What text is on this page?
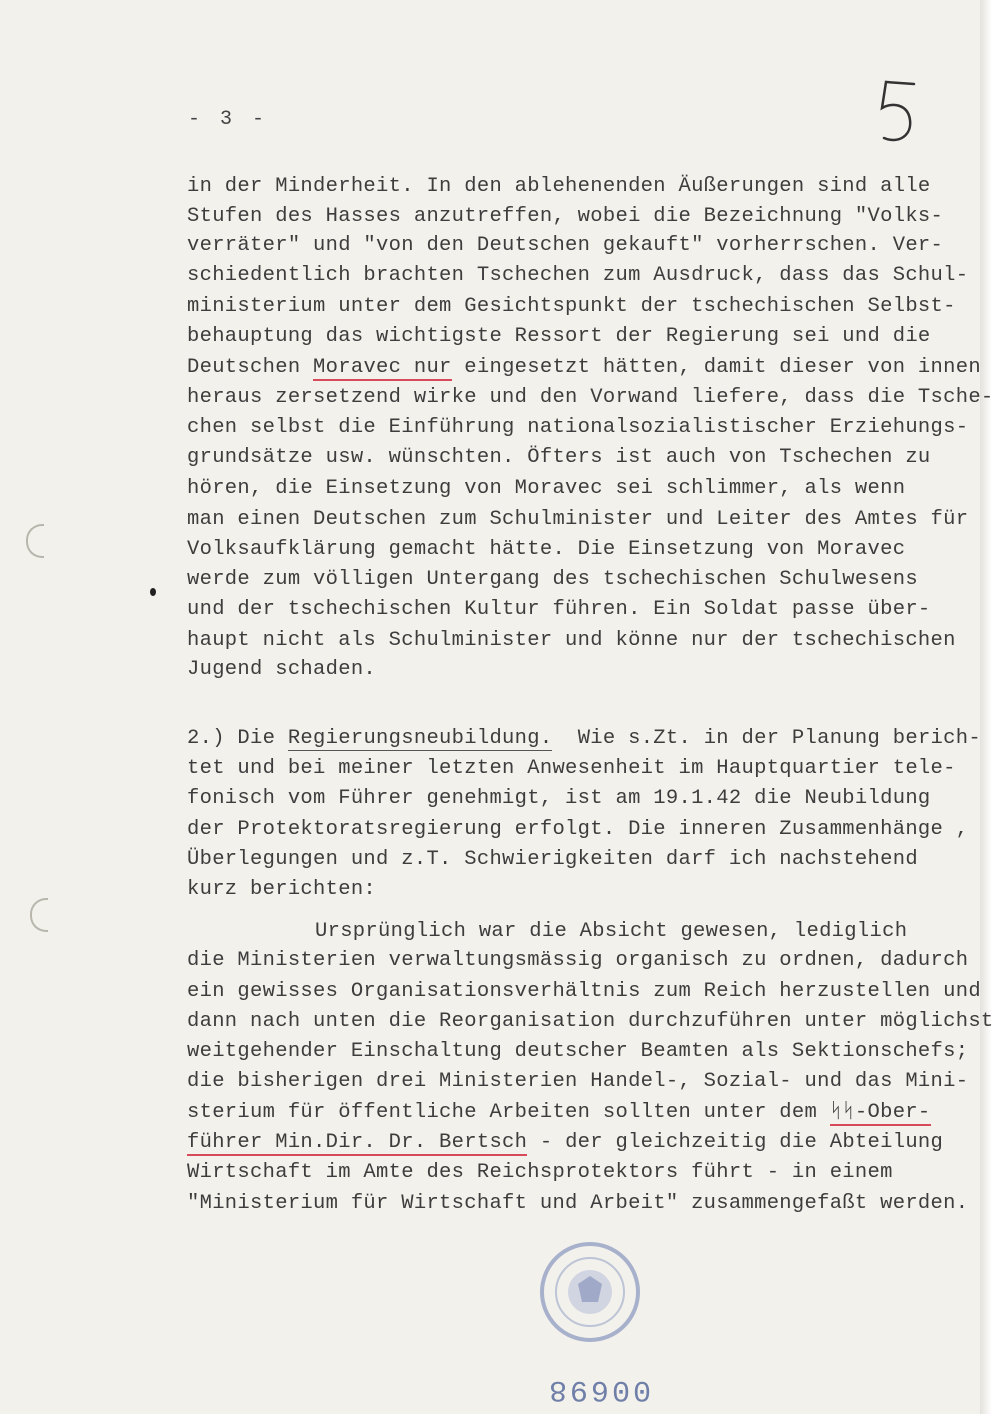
- 3 -
in der Minderheit. In den ablehenenden Äußerungen sind alle
Stufen des Hasses anzutreffen, wobei die Bezeichnung "Volks-
verräter" und "von den Deutschen gekauft" vorherrschen. Ver-
schiedentlich brachten Tschechen zum Ausdruck, dass das Schul-
ministerium unter dem Gesichtspunkt der tschechischen Selbst-
behauptung das wichtigste Ressort der Regierung sei und die
Deutschen Moravec nur eingesetzt hätten, damit dieser von innen
heraus zersetzend wirke und den Vorwand liefere, dass die Tsche-
chen selbst die Einführung nationalsozialistischer Erziehungs-
grundsätze usw. wünschten. Öfters ist auch von Tschechen zu
hören, die Einsetzung von Moravec sei schlimmer, als wenn
man einen Deutschen zum Schulminister und Leiter des Amtes für
Volksaufklärung gemacht hätte. Die Einsetzung von Moravec
werde zum völligen Untergang des tschechischen Schulwesens
und der tschechischen Kultur führen. Ein Soldat passe über-
haupt nicht als Schulminister und könne nur der tschechischen
Jugend schaden.
2.) Die Regierungsneubildung.  Wie s.Zt. in der Planung berich-
tet und bei meiner letzten Anwesenheit im Hauptquartier tele-
fonisch vom Führer genehmigt, ist am 19.1.42 die Neubildung
der Protektoratsregierung erfolgt. Die inneren Zusammenhänge ,
Überlegungen und z.T. Schwierigkeiten darf ich nachstehend
kurz berichten:
Ursprünglich war die Absicht gewesen, lediglich
die Ministerien verwaltungsmässig organisch zu ordnen, dadurch
ein gewisses Organisationsverhältnis zum Reich herzustellen und
dann nach unten die Reorganisation durchzuführen unter möglichst
weitgehender Einschaltung deutscher Beamten als Sektionschefs;
die bisherigen drei Ministerien Handel-, Sozial- und das Mini-
sterium für öffentliche Arbeiten sollten unter dem ᛋᛋ-Ober-
führer Min.Dir. Dr. Bertsch - der gleichzeitig die Abteilung
Wirtschaft im Amte des Reichsprotektors führt - in einem
"Ministerium für Wirtschaft und Arbeit" zusammengefaßt werden.
00698
